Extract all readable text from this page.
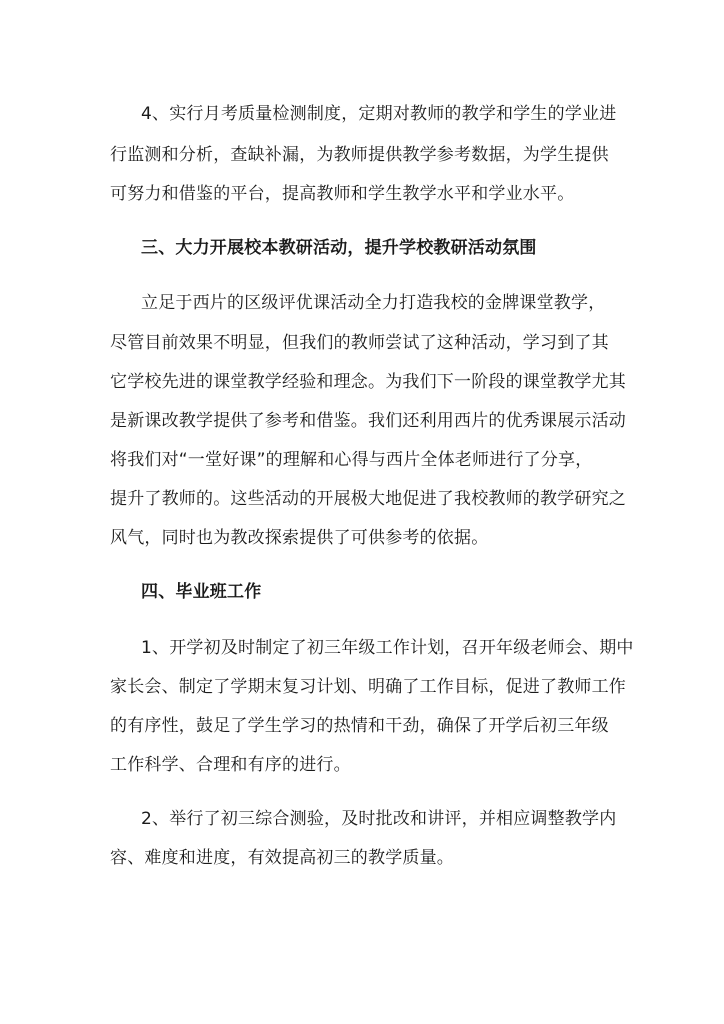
4、实行月考质量检测制度，定期对教师的教学和学生的学业进
行监测和分析，查缺补漏，为教师提供教学参考数据，为学生提供
可努力和借鉴的平台，提高教师和学生教学水平和学业水平。
三、大力开展校本教研活动，提升学校教研活动氛围
立足于西片的区级评优课活动全力打造我校的金牌课堂教学，
尽管目前效果不明显，但我们的教师尝试了这种活动，学习到了其
它学校先进的课堂教学经验和理念。为我们下一阶段的课堂教学尤其
是新课改教学提供了参考和借鉴。我们还利用西片的优秀课展示活动
将我们对“一堂好课”的理解和心得与西片全体老师进行了分享，
提升了教师的。这些活动的开展极大地促进了我校教师的教学研究之
风气，同时也为教改探索提供了可供参考的依据。
四、毕业班工作
1、开学初及时制定了初三年级工作计划，召开年级老师会、期中
家长会、制定了学期末复习计划、明确了工作目标，促进了教师工作
的有序性，鼓足了学生学习的热情和干劲，确保了开学后初三年级
工作科学、合理和有序的进行。
2、举行了初三综合测验，及时批改和讲评，并相应调整教学内
容、难度和进度，有效提高初三的教学质量。
